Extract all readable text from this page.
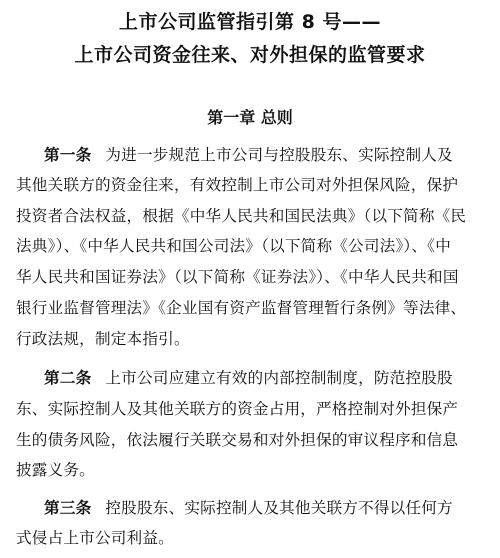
上市公司监管指引第 8 号——
上市公司资金往来、对外担保的监管要求
第一章 总则
第一条 为进一步规范上市公司与控股股东、实际控制人及
其他关联方的资金往来，有效控制上市公司对外担保风险，保护
投资者合法权益，根据《中华人民共和国民法典》（以下简称《民
法典》）、《中华人民共和国公司法》（以下简称《公司法》）、《中
华人民共和国证券法》（以下简称《证券法》）、《中华人民共和国
银行业监督管理法》《企业国有资产监督管理暂行条例》等法律、
行政法规，制定本指引。
第二条 上市公司应建立有效的内部控制制度，防范控股股
东、实际控制人及其他关联方的资金占用，严格控制对外担保产
生的债务风险，依法履行关联交易和对外担保的审议程序和信息
披露义务。
第三条 控股股东、实际控制人及其他关联方不得以任何方
式侵占上市公司利益。
